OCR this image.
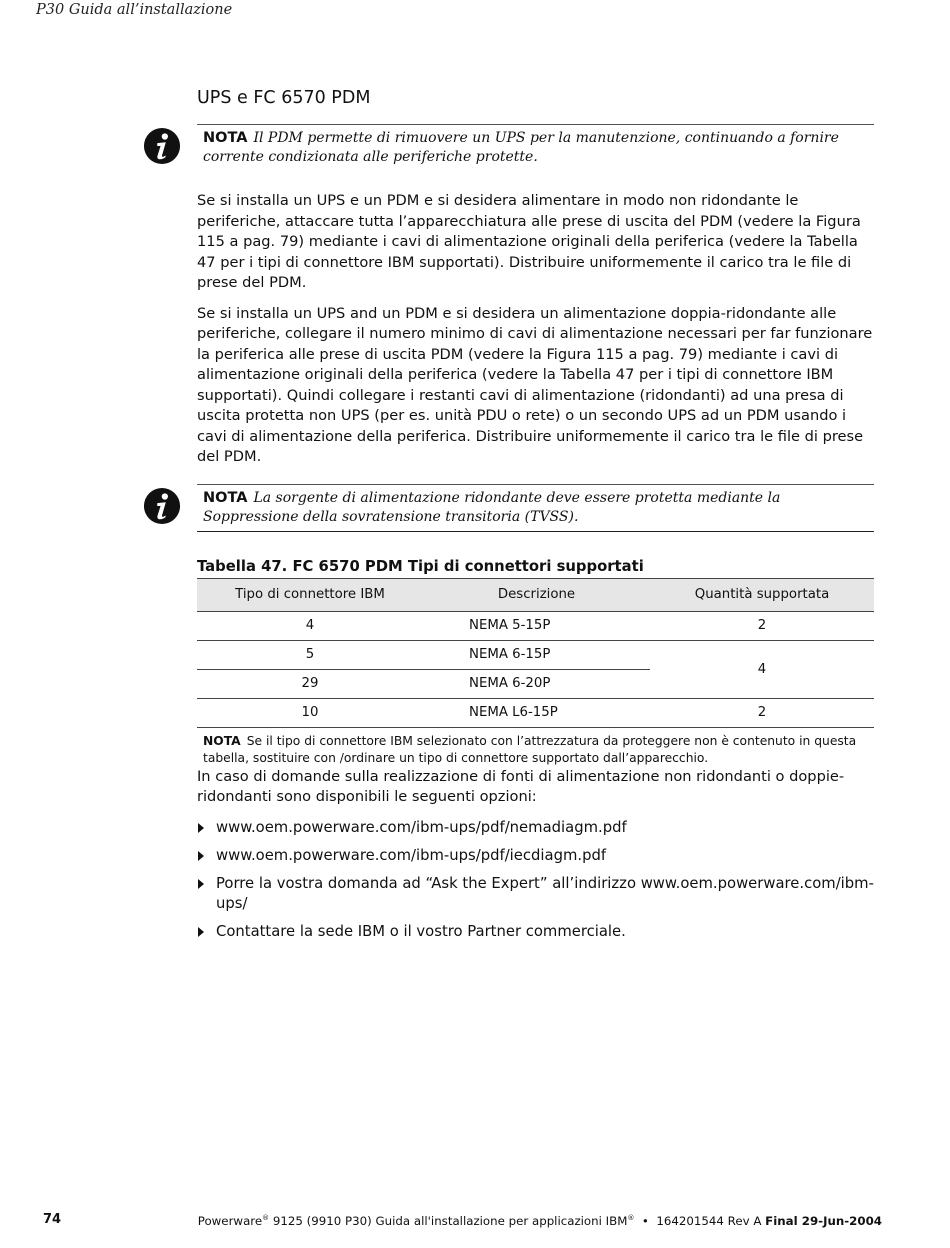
P30 Guida all’installazione
UPS e FC 6570 PDM
NOTA Il PDM permette di rimuovere un UPS per la manutenzione, continuando a fornire corrente condizionata alle periferiche protette.

Se si installa un UPS e un PDM e si desidera alimentare in modo non ridondante le periferiche, attaccare tutta l’apparecchiatura alle prese di uscita del PDM (vedere la Figura 115 a pag. 79) mediante i cavi di alimentazione originali della periferica (vedere la Tabella 47 per i tipi di connettore IBM supportati). Distribuire uniformemente il carico tra le file di prese del PDM.

Se si installa un UPS and un PDM e si desidera un alimentazione doppia-ridondante alle periferiche, collegare il numero minimo di cavi di alimentazione necessari per far funzionare la periferica alle prese di uscita PDM (vedere la Figura 115 a pag. 79) mediante i cavi di alimentazione originali della periferica (vedere la Tabella 47 per i tipi di connettore IBM supportati). Quindi collegare i restanti cavi di alimentazione (ridondanti) ad una presa di uscita protetta non UPS (per es. unità PDU o rete) o un secondo UPS ad un PDM usando i cavi di alimentazione della periferica. Distribuire uniformemente il carico tra le file di prese del PDM.

NOTA La sorgente di alimentazione ridondante deve essere protetta mediante la Soppressione della sovratensione transitoria (TVSS).
Tabella 47. FC 6570 PDM Tipi di connettori supportati
Tipo di connettore IBM	Descrizione	Quantità supportata
4	NEMA 5-15P	2
5	NEMA 6-15P	4
29	NEMA 6-20P	
10	NEMA L6-15P	2
NOTA Se il tipo di connettore IBM selezionato con l’attrezzatura da proteggere non è contenuto in questa tabella, sostituire con /ordinare un tipo di connettore supportato dall’apparecchio.

In caso di domande sulla realizzazione di fonti di alimentazione non ridondanti o doppie-ridondanti sono disponibili le seguenti opzioni:

www.oem.powerware.com/ibm-ups/pdf/nemadiagm.pdf
www.oem.powerware.com/ibm-ups/pdf/iecdiagm.pdf
Porre la vostra domanda ad “Ask the Expert” all’indirizzo www.oem.powerware.com/ibm-ups/
Contattare la sede IBM o il vostro Partner commerciale.
74	Powerware® 9125 (9910 P30) Guida all'installazione per applicazioni IBM® • 164201544 Rev A Final 29-Jun-2004
